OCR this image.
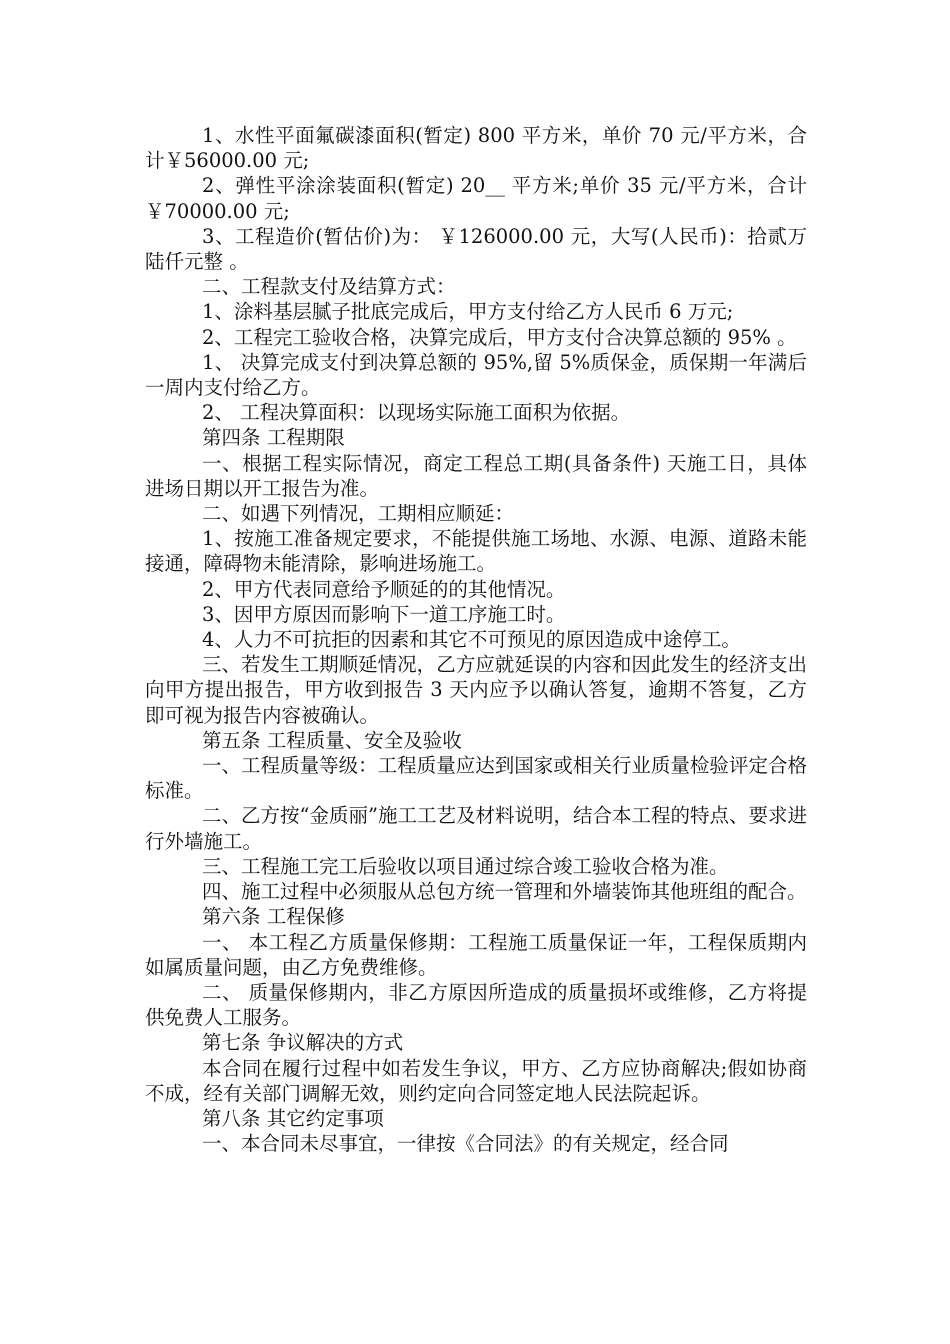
1、水性平面氟碳漆面积(暂定) 800 平方米，单价 70 元/平方米，合计￥56000.00 元;

2、弹性平涂涂装面积(暂定) 20__ 平方米;单价 35 元/平方米，合计￥70000.00 元;

3、工程造价(暂估价)为： ￥126000.00 元，大写(人民币)：拾贰万陆仟元整 。

二、工程款支付及结算方式：

1、涂料基层腻子批底完成后，甲方支付给乙方人民币 6 万元;

2、工程完工验收合格，决算完成后，甲方支付合决算总额的 95% 。

1、 决算完成支付到决算总额的 95%,留 5%质保金，质保期一年满后一周内支付给乙方。

2、 工程决算面积：以现场实际施工面积为依据。

第四条 工程期限

一、根据工程实际情况，商定工程总工期(具备条件) 天施工日，具体进场日期以开工报告为准。

二、如遇下列情况，工期相应顺延：

1、按施工准备规定要求，不能提供施工场地、水源、电源、道路未能接通，障碍物未能清除，影响进场施工。

2、甲方代表同意给予顺延的的其他情况。

3、因甲方原因而影响下一道工序施工时。

4、人力不可抗拒的因素和其它不可预见的原因造成中途停工。

三、若发生工期顺延情况，乙方应就延误的内容和因此发生的经济支出向甲方提出报告，甲方收到报告 3 天内应予以确认答复，逾期不答复，乙方即可视为报告内容被确认。

第五条 工程质量、安全及验收

一、工程质量等级：工程质量应达到国家或相关行业质量检验评定合格标准。

二、乙方按“金质丽”施工工艺及材料说明，结合本工程的特点、要求进行外墙施工。

三、工程施工完工后验收以项目通过综合竣工验收合格为准。

四、施工过程中必须服从总包方统一管理和外墙装饰其他班组的配合。

第六条 工程保修

一、 本工程乙方质量保修期：工程施工质量保证一年，工程保质期内如属质量问题，由乙方免费维修。

二、 质量保修期内，非乙方原因所造成的质量损坏或维修，乙方将提供免费人工服务。

第七条 争议解决的方式

本合同在履行过程中如若发生争议，甲方、乙方应协商解决;假如协商不成，经有关部门调解无效，则约定向合同签定地人民法院起诉。

第八条 其它约定事项

一、本合同未尽事宜，一律按《合同法》的有关规定，经合同
